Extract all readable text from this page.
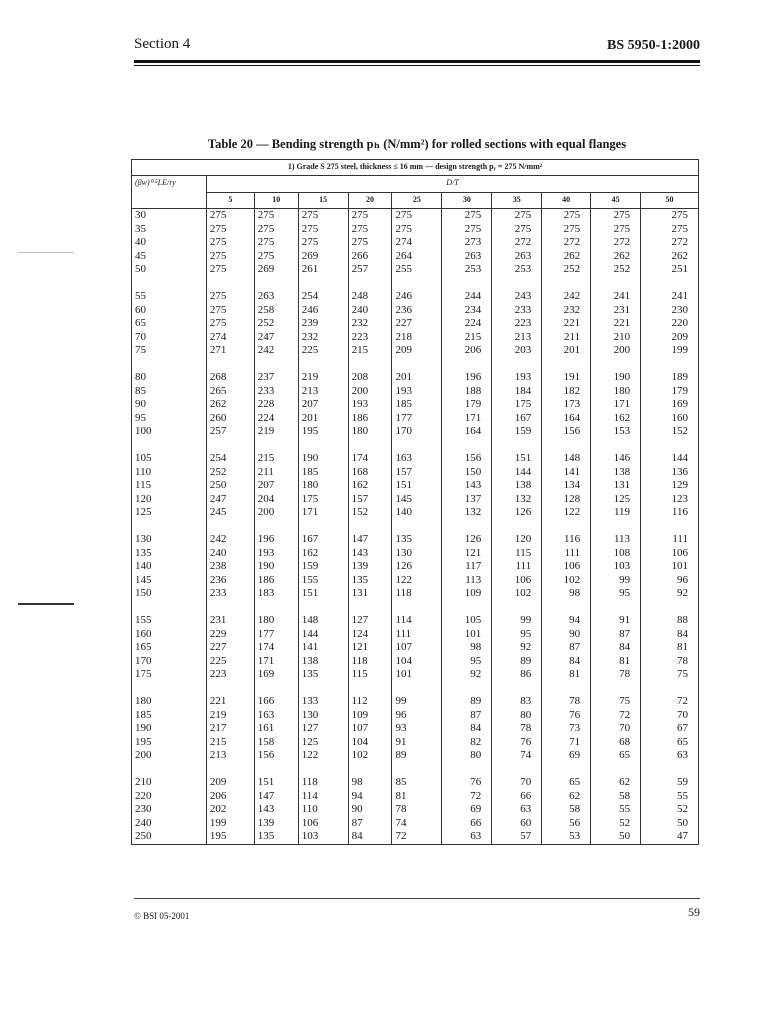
Section 4	BS 5950-1:2000
Table 20 — Bending strength pₕ (N/mm²) for rolled sections with equal flanges
1) Grade S 275 steel, thickness ≤ 16 mm — design strength pᵧ = 275 N/mm²										
(βw)⁰·⁵LE/ry	D/T									
	5	10	15	20	25	30	35	40	45	50
30	275	275	275	275	275	275	275	275	275	275
35	275	275	275	275	275	275	275	275	275	275
40	275	275	275	275	274	273	272	272	272	272
45	275	275	269	266	264	263	263	262	262	262
50	275	269	261	257	255	253	253	252	252	251

55	275	263	254	248	246	244	243	242	241	241
60	275	258	246	240	236	234	233	232	231	230
65	275	252	239	232	227	224	223	221	221	220
70	274	247	232	223	218	215	213	211	210	209
75	271	242	225	215	209	206	203	201	200	199

80	268	237	219	208	201	196	193	191	190	189
85	265	233	213	200	193	188	184	182	180	179
90	262	228	207	193	185	179	175	173	171	169
95	260	224	201	186	177	171	167	164	162	160
100	257	219	195	180	170	164	159	156	153	152

105	254	215	190	174	163	156	151	148	146	144
110	252	211	185	168	157	150	144	141	138	136
115	250	207	180	162	151	143	138	134	131	129
120	247	204	175	157	145	137	132	128	125	123
125	245	200	171	152	140	132	126	122	119	116

130	242	196	167	147	135	126	120	116	113	111
135	240	193	162	143	130	121	115	111	108	106
140	238	190	159	139	126	117	111	106	103	101
145	236	186	155	135	122	113	106	102	99	96
150	233	183	151	131	118	109	102	98	95	92

155	231	180	148	127	114	105	99	94	91	88
160	229	177	144	124	111	101	95	90	87	84
165	227	174	141	121	107	98	92	87	84	81
170	225	171	138	118	104	95	89	84	81	78
175	223	169	135	115	101	92	86	81	78	75

180	221	166	133	112	99	89	83	78	75	72
185	219	163	130	109	96	87	80	76	72	70
190	217	161	127	107	93	84	78	73	70	67
195	215	158	125	104	91	82	76	71	68	65
200	213	156	122	102	89	80	74	69	65	63

210	209	151	118	98	85	76	70	65	62	59
220	206	147	114	94	81	72	66	62	58	55
230	202	143	110	90	78	69	63	58	55	52
240	199	139	106	87	74	66	60	56	52	50
250	195	135	103	84	72	63	57	53	50	47
© BSI 05-2001	59
